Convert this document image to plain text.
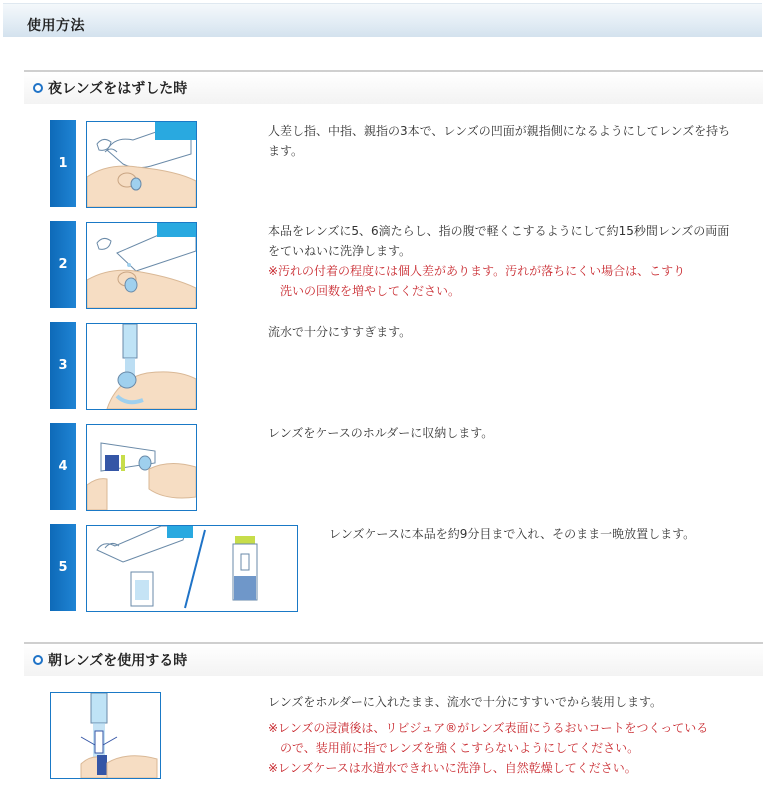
使用方法
夜レンズをはずした時
1
人差し指、中指、親指の3本で、レンズの凹面が親指側になるようにしてレンズを持ちます。
2
本品をレンズに5、6滴たらし、指の腹で軽くこするようにして約15秒間レンズの両面をていねいに洗浄します。
※汚れの付着の程度には個人差があります。汚れが落ちにくい場合は、こすり
洗いの回数を増やしてください。
3
流水で十分にすすぎます。
4
レンズをケースのホルダーに収納します。
5
レンズケースに本品を約9分目まで入れ、そのまま一晩放置します。
朝レンズを使用する時
レンズをホルダーに入れたまま、流水で十分にすすいでから装用します。
※レンズの浸漬後は、リビジュア®がレンズ表面にうるおいコートをつくっている
ので、装用前に指でレンズを強くこすらないようにしてください。
※レンズケースは水道水できれいに洗浄し、自然乾燥してください。
